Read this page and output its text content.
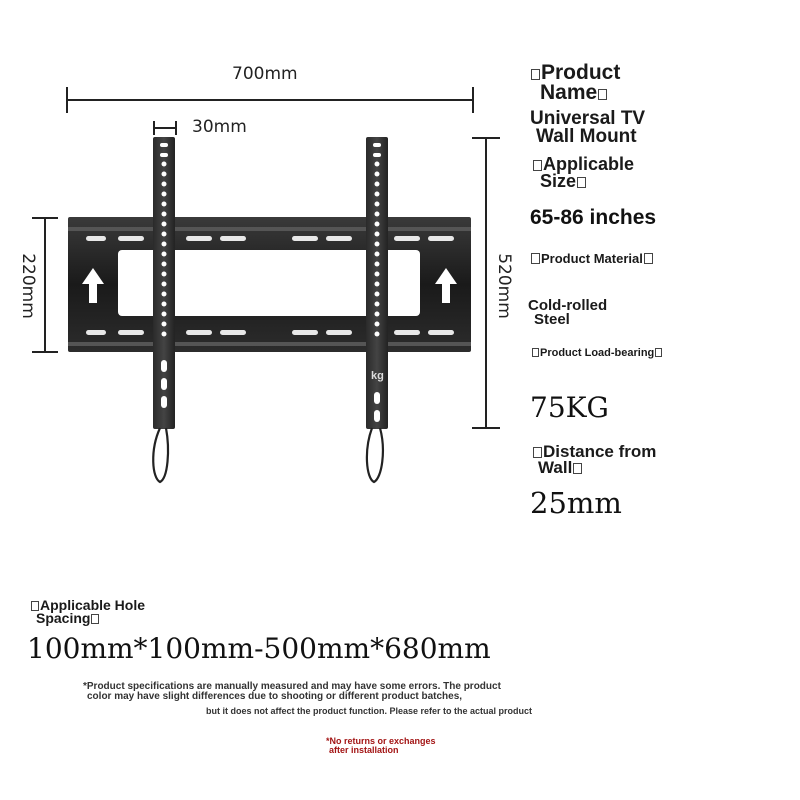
700mm
30mm
220mm	520mm
kg
Product
Name
Universal TV
Wall Mount
Applicable
Size
65-86 inches
Product Material
Cold-rolled
Steel
Product Load-bearing
75KG
Distance from
Wall
25mm
Applicable Hole
Spacing
100mm*100mm-500mm*680mm
*Product specifications are manually measured and may have some errors. The product
color may have slight differences due to shooting or different product batches,
but it does not affect the product function. Please refer to the actual product
*No returns or exchanges
after installation
